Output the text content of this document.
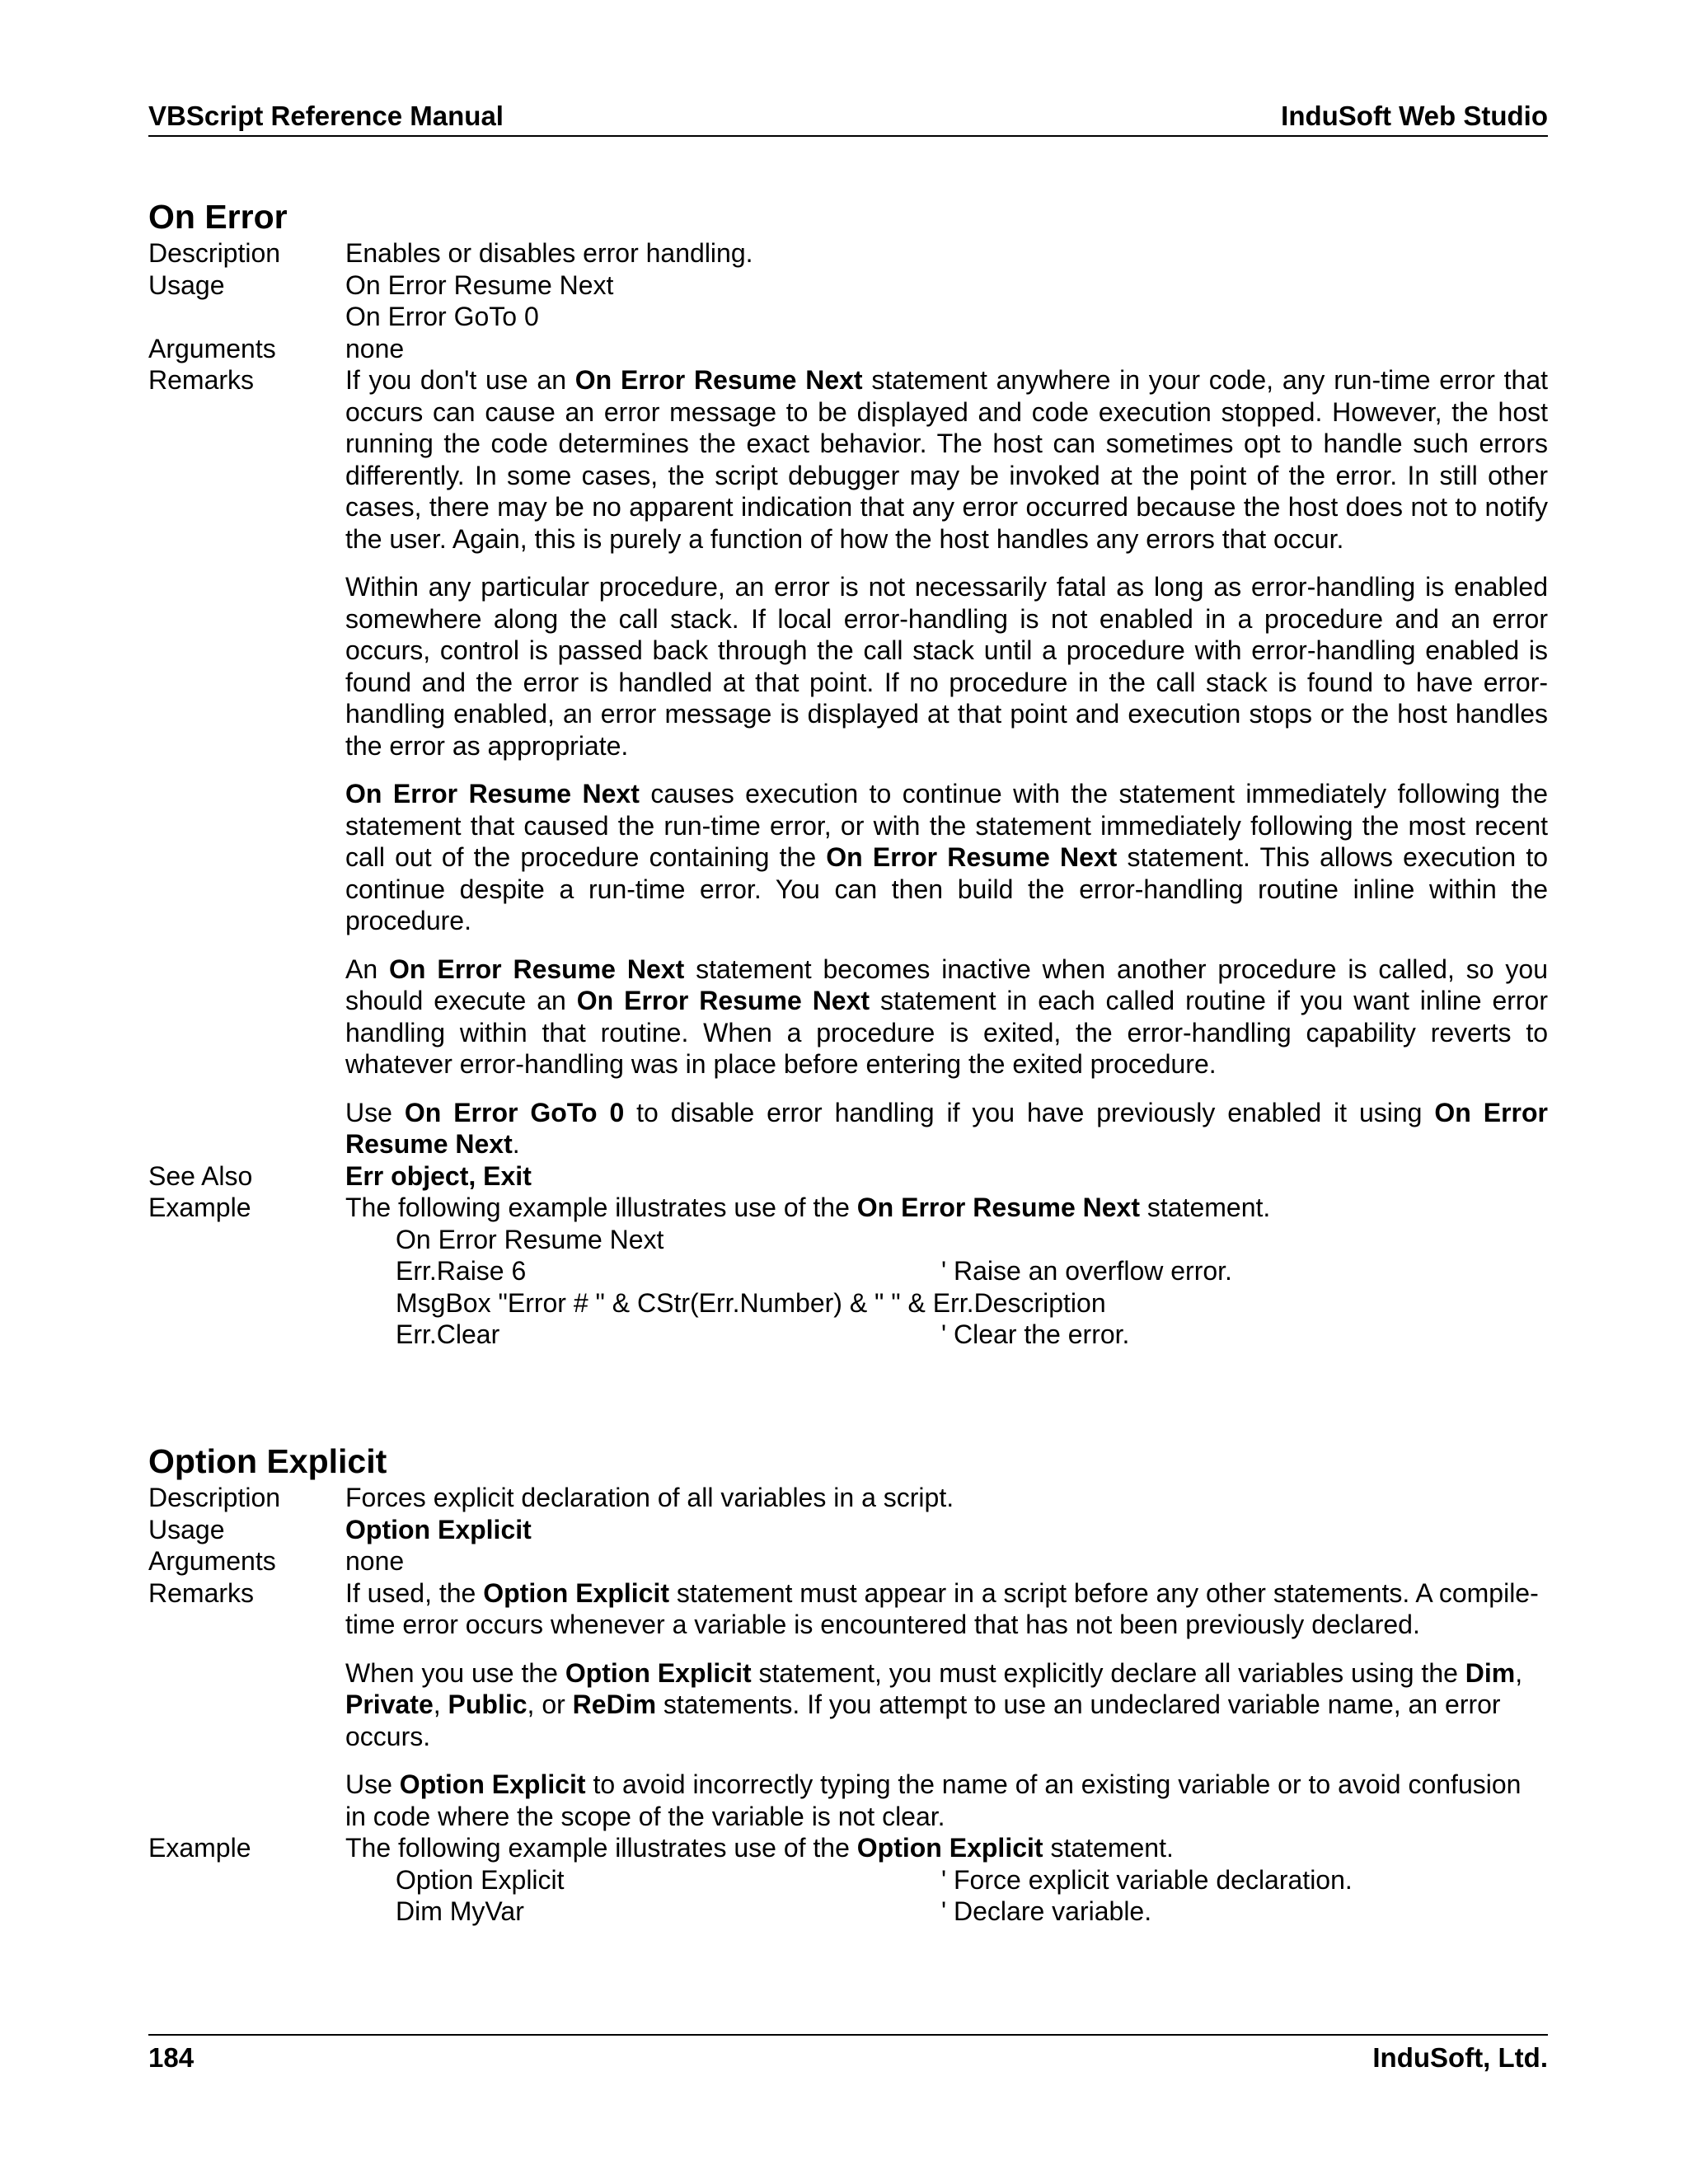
VBScript Reference Manual	InduSoft Web Studio
On Error
Description	Enables or disables error handling.
Usage	On Error Resume Next
On Error GoTo 0
Arguments	none
Remarks	If you don't use an On Error Resume Next statement anywhere in your code, any run-time error that occurs can cause an error message to be displayed and code execution stopped. However, the host running the code determines the exact behavior. The host can sometimes opt to handle such errors differently. In some cases, the script debugger may be invoked at the point of the error. In still other cases, there may be no apparent indication that any error occurred because the host does not to notify the user. Again, this is purely a function of how the host handles any errors that occur.

Within any particular procedure, an error is not necessarily fatal as long as error-handling is enabled somewhere along the call stack. If local error-handling is not enabled in a procedure and an error occurs, control is passed back through the call stack until a procedure with error-handling enabled is found and the error is handled at that point. If no procedure in the call stack is found to have error-handling enabled, an error message is displayed at that point and execution stops or the host handles the error as appropriate.

On Error Resume Next causes execution to continue with the statement immediately following the statement that caused the run-time error, or with the statement immediately following the most recent call out of the procedure containing the On Error Resume Next statement. This allows execution to continue despite a run-time error. You can then build the error-handling routine inline within the procedure.

An On Error Resume Next statement becomes inactive when another procedure is called, so you should execute an On Error Resume Next statement in each called routine if you want inline error handling within that routine. When a procedure is exited, the error-handling capability reverts to whatever error-handling was in place before entering the exited procedure.

Use On Error GoTo 0 to disable error handling if you have previously enabled it using On Error Resume Next.

See Also	Err object, Exit
Example	The following example illustrates use of the On Error Resume Next statement.
On Error Resume Next
Err.Raise 6	' Raise an overflow error.
MsgBox "Error # " & CStr(Err.Number) & " " & Err.Description
Err.Clear	' Clear the error.
Option Explicit
Description	Forces explicit declaration of all variables in a script.
Usage	Option Explicit
Arguments	none
Remarks	If used, the Option Explicit statement must appear in a script before any other statements. A compile-time error occurs whenever a variable is encountered that has not been previously declared.

When you use the Option Explicit statement, you must explicitly declare all variables using the Dim, Private, Public, or ReDim statements. If you attempt to use an undeclared variable name, an error occurs.

Use Option Explicit to avoid incorrectly typing the name of an existing variable or to avoid confusion in code where the scope of the variable is not clear.

Example	The following example illustrates use of the Option Explicit statement.
Option Explicit	' Force explicit variable declaration.
Dim MyVar	' Declare variable.
184	InduSoft, Ltd.
